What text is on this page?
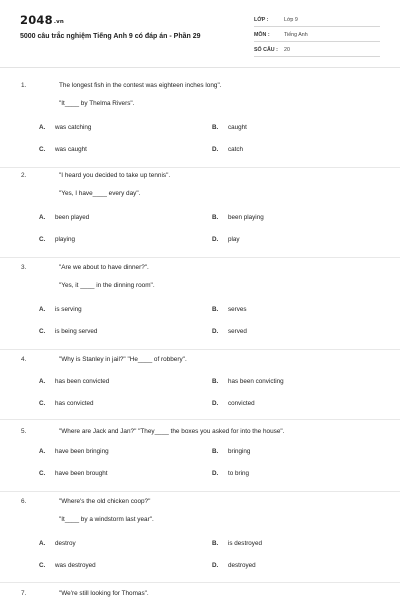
2048.vn
5000 câu trắc nghiệm Tiếng Anh 9 có đáp án - Phần 29
LỚP :	Lớp 9
MÔN :	Tiếng Anh
SỐ CÂU : 20
1.	The longest fish in the contest was eighteen inches long".
"It____ by Thelma Rivers".
A. was catching	B. caught
C. was caught	D. catch
2.	"I heard you decided to take up tennis".
"Yes, I have____ every day".
A. been played	B. been playing
C. playing	D. play
3.	"Are we about to have dinner?".
"Yes, it ____ in the dinning room".
A. is serving	B. serves
C. is being served	D. served
4.	"Why is Stanley in jail?" "He____ of robbery".
A. has been convicted	B. has been convicting
C. has convicted	D. convicted
5.	"Where are Jack and Jan?" "They____ the boxes you asked for into the house".
A. have been bringing	B. bringing
C. have been brought	D. to bring
6.	"Where's the old chicken coop?"
"It____ by a windstorm last year".
A. destroy	B. is destroyed
C. was destroyed	D. destroyed
7.	"We're still looking for Thomas".
